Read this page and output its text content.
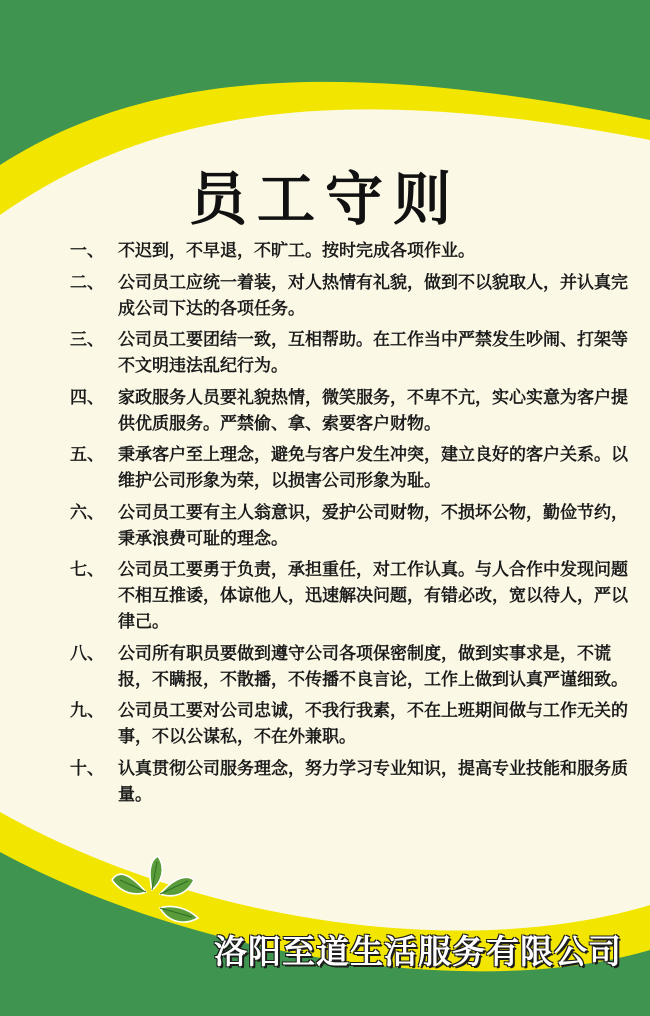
员工守则
一、 不迟到，不早退，不旷工。按时完成各项作业。
二、 公司员工应统一着装，对人热情有礼貌，做到不以貌取人，并认真完成公司下达的各项任务。
三、 公司员工要团结一致，互相帮助。在工作当中严禁发生吵闹、打架等不文明违法乱纪行为。
四、 家政服务人员要礼貌热情，微笑服务，不卑不亢，实心实意为客户提供优质服务。严禁偷、拿、索要客户财物。
五、 秉承客户至上理念，避免与客户发生冲突，建立良好的客户关系。以维护公司形象为荣，以损害公司形象为耻。
六、 公司员工要有主人翁意识，爱护公司财物，不损坏公物，勤俭节约，秉承浪费可耻的理念。
七、 公司员工要勇于负责，承担重任，对工作认真。与人合作中发现问题不相互推诿，体谅他人，迅速解决问题，有错必改，宽以待人，严以律己。
八、 公司所有职员要做到遵守公司各项保密制度，做到实事求是，不谎报，不瞒报，不散播，不传播不良言论，工作上做到认真严谨细致。
九、 公司员工要对公司忠诚，不我行我素，不在上班期间做与工作无关的事，不以公谋私，不在外兼职。
十、 认真贯彻公司服务理念，努力学习专业知识，提高专业技能和服务质量。
洛阳至道生活服务有限公司
